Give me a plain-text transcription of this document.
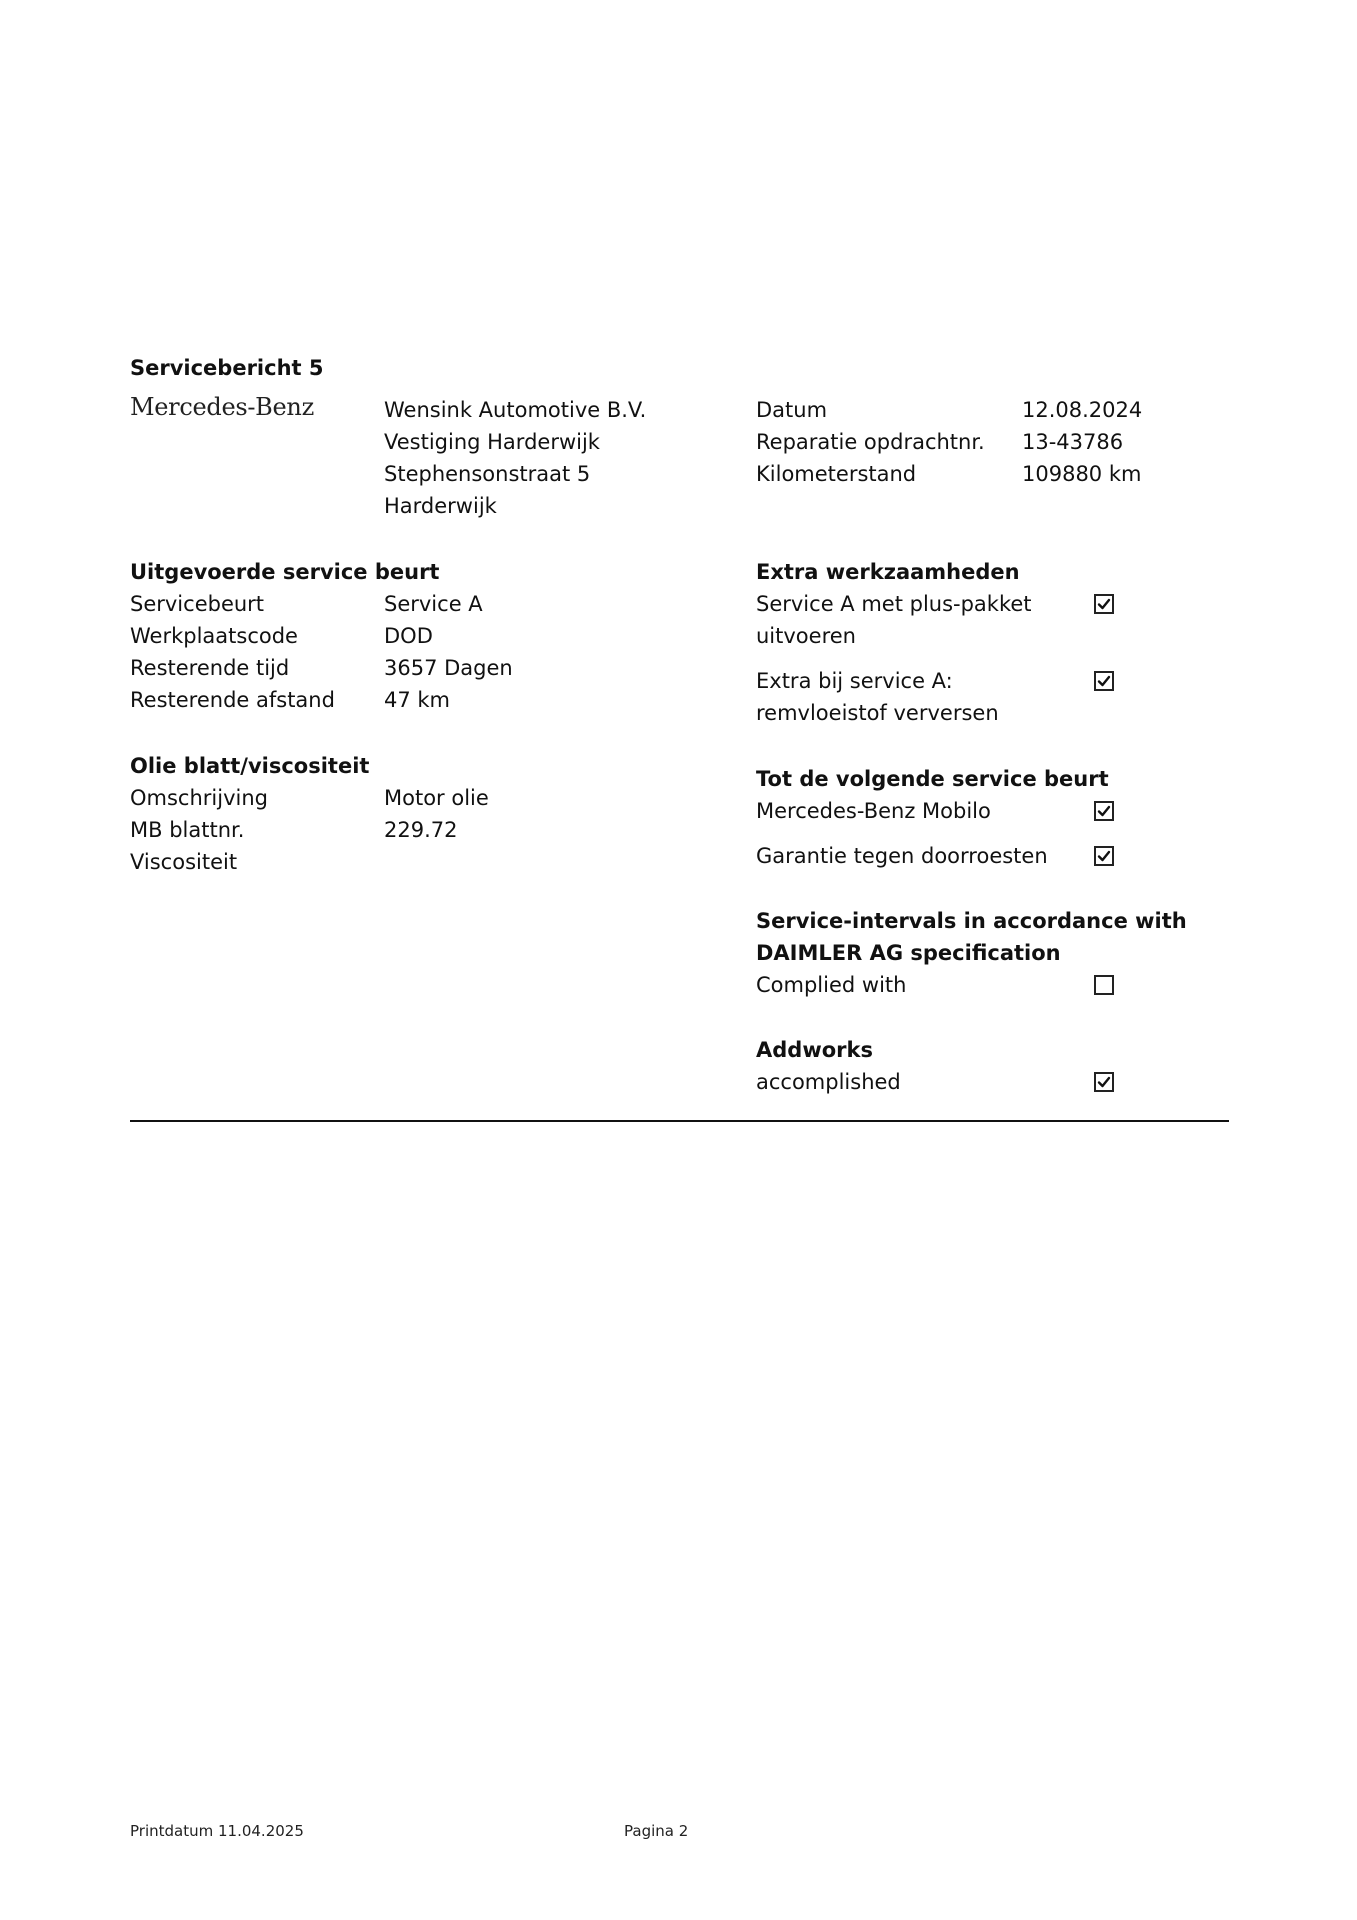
Servicebericht 5
Mercedes-Benz	Wensink Automotive B.V.
Vestiging Harderwijk
Stephensonstraat 5
Harderwijk
Datum	12.08.2024
Reparatie opdrachtnr. 13-43786
Kilometerstand	109880 km
Uitgevoerde service beurt
Servicebeurt	Service A
Werkplaatscode	DOD
Resterende tijd	3657 Dagen
Resterende afstand 47 km
Olie blatt/viscositeit
Omschrijving	Motor olie
MB blattnr.	229.72
Viscositeit
Extra werkzaamheden
Service A met plus-pakket
uitvoeren
Extra bij service A:
remvloeistof verversen
Tot de volgende service beurt
Mercedes-Benz Mobilo
Garantie tegen doorroesten
Service-intervals in accordance with
DAIMLER AG specification
Complied with
Addworks
accomplished
Printdatum 11.04.2025	Pagina 2
